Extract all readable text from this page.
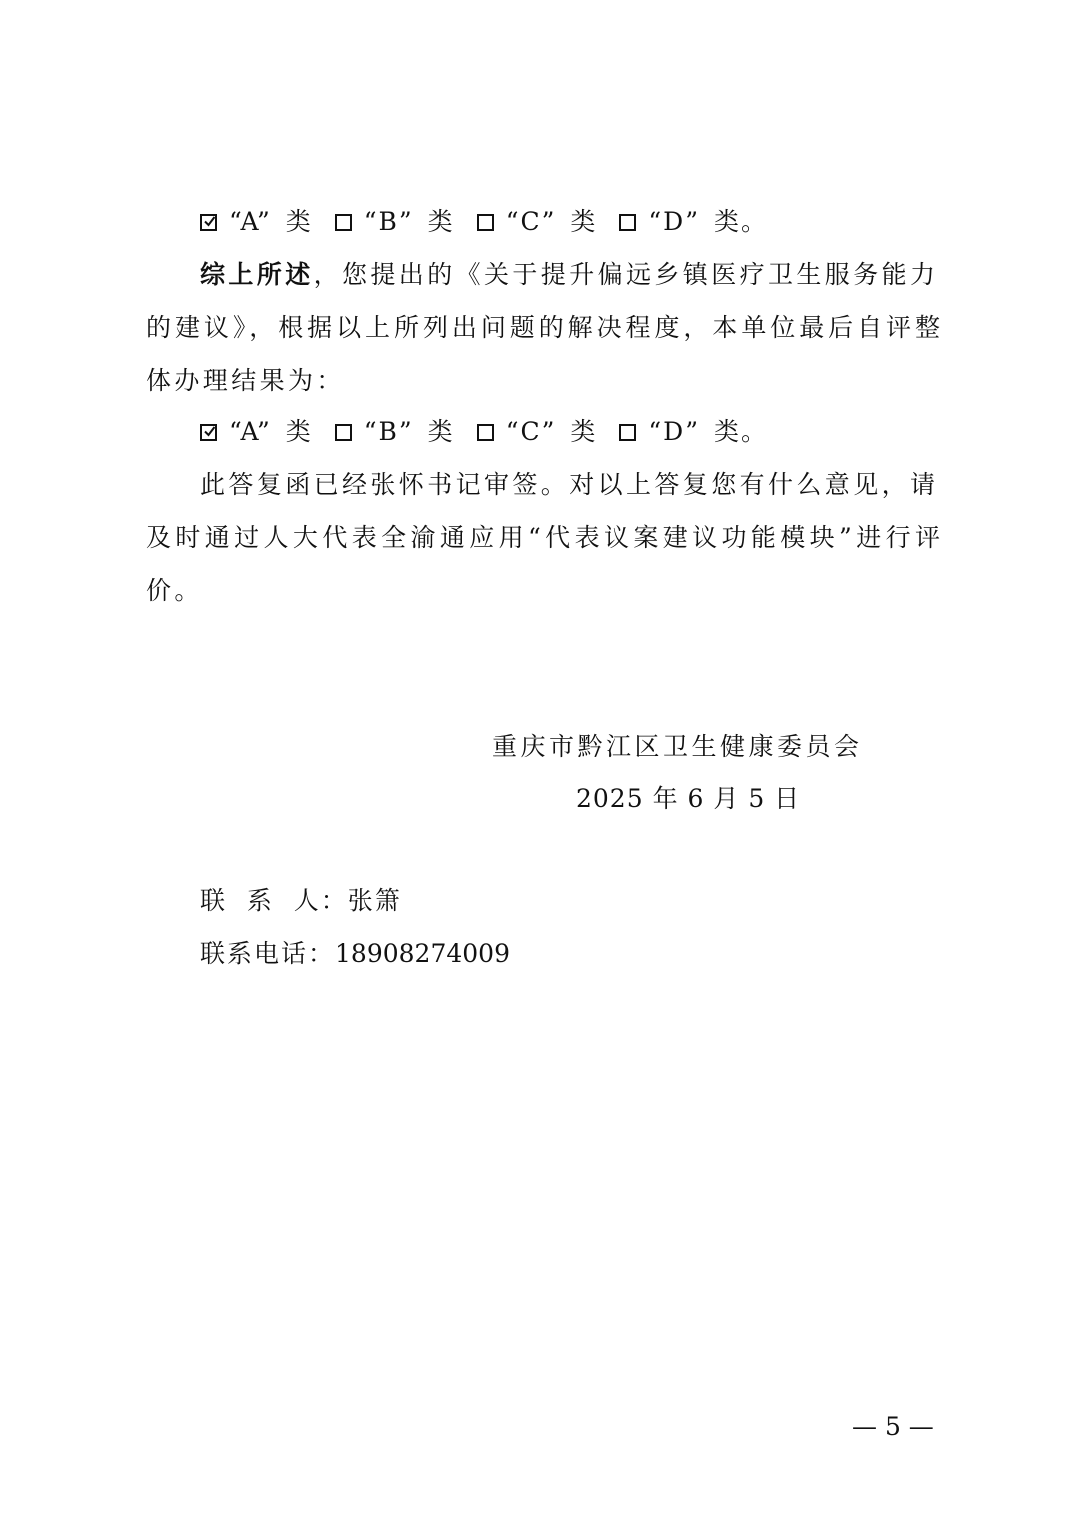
“A” 类 “B” 类 “C” 类 “D” 类。
综上所述，您提出的《关于提升偏远乡镇医疗卫生服务能力
的建议》，根据以上所列出问题的解决程度，本单位最后自评整
体办理结果为：
“A” 类 “B” 类 “C” 类 “D” 类。
此答复函已经张怀书记审签。对以上答复您有什么意见，请
及时通过人大代表全渝通应用“代表议案建议功能模块”进行评
价。
重庆市黔江区卫生健康委员会
2025 年 6 月 5 日
联  系  人：张箫
联系电话：18908274009
— 5 —
